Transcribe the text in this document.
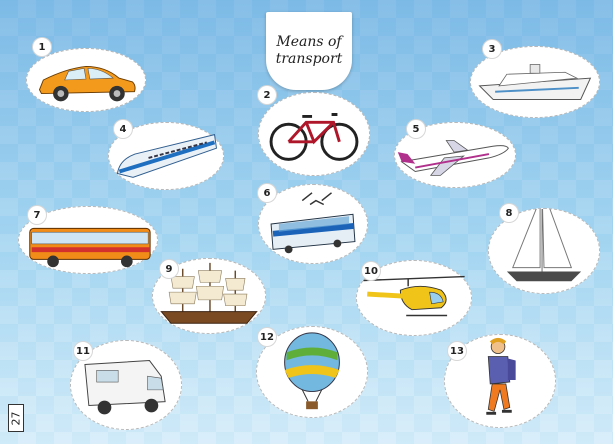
Means of transport
1
2
3
4	5
6
7	8
9	10
11
12
13
27
